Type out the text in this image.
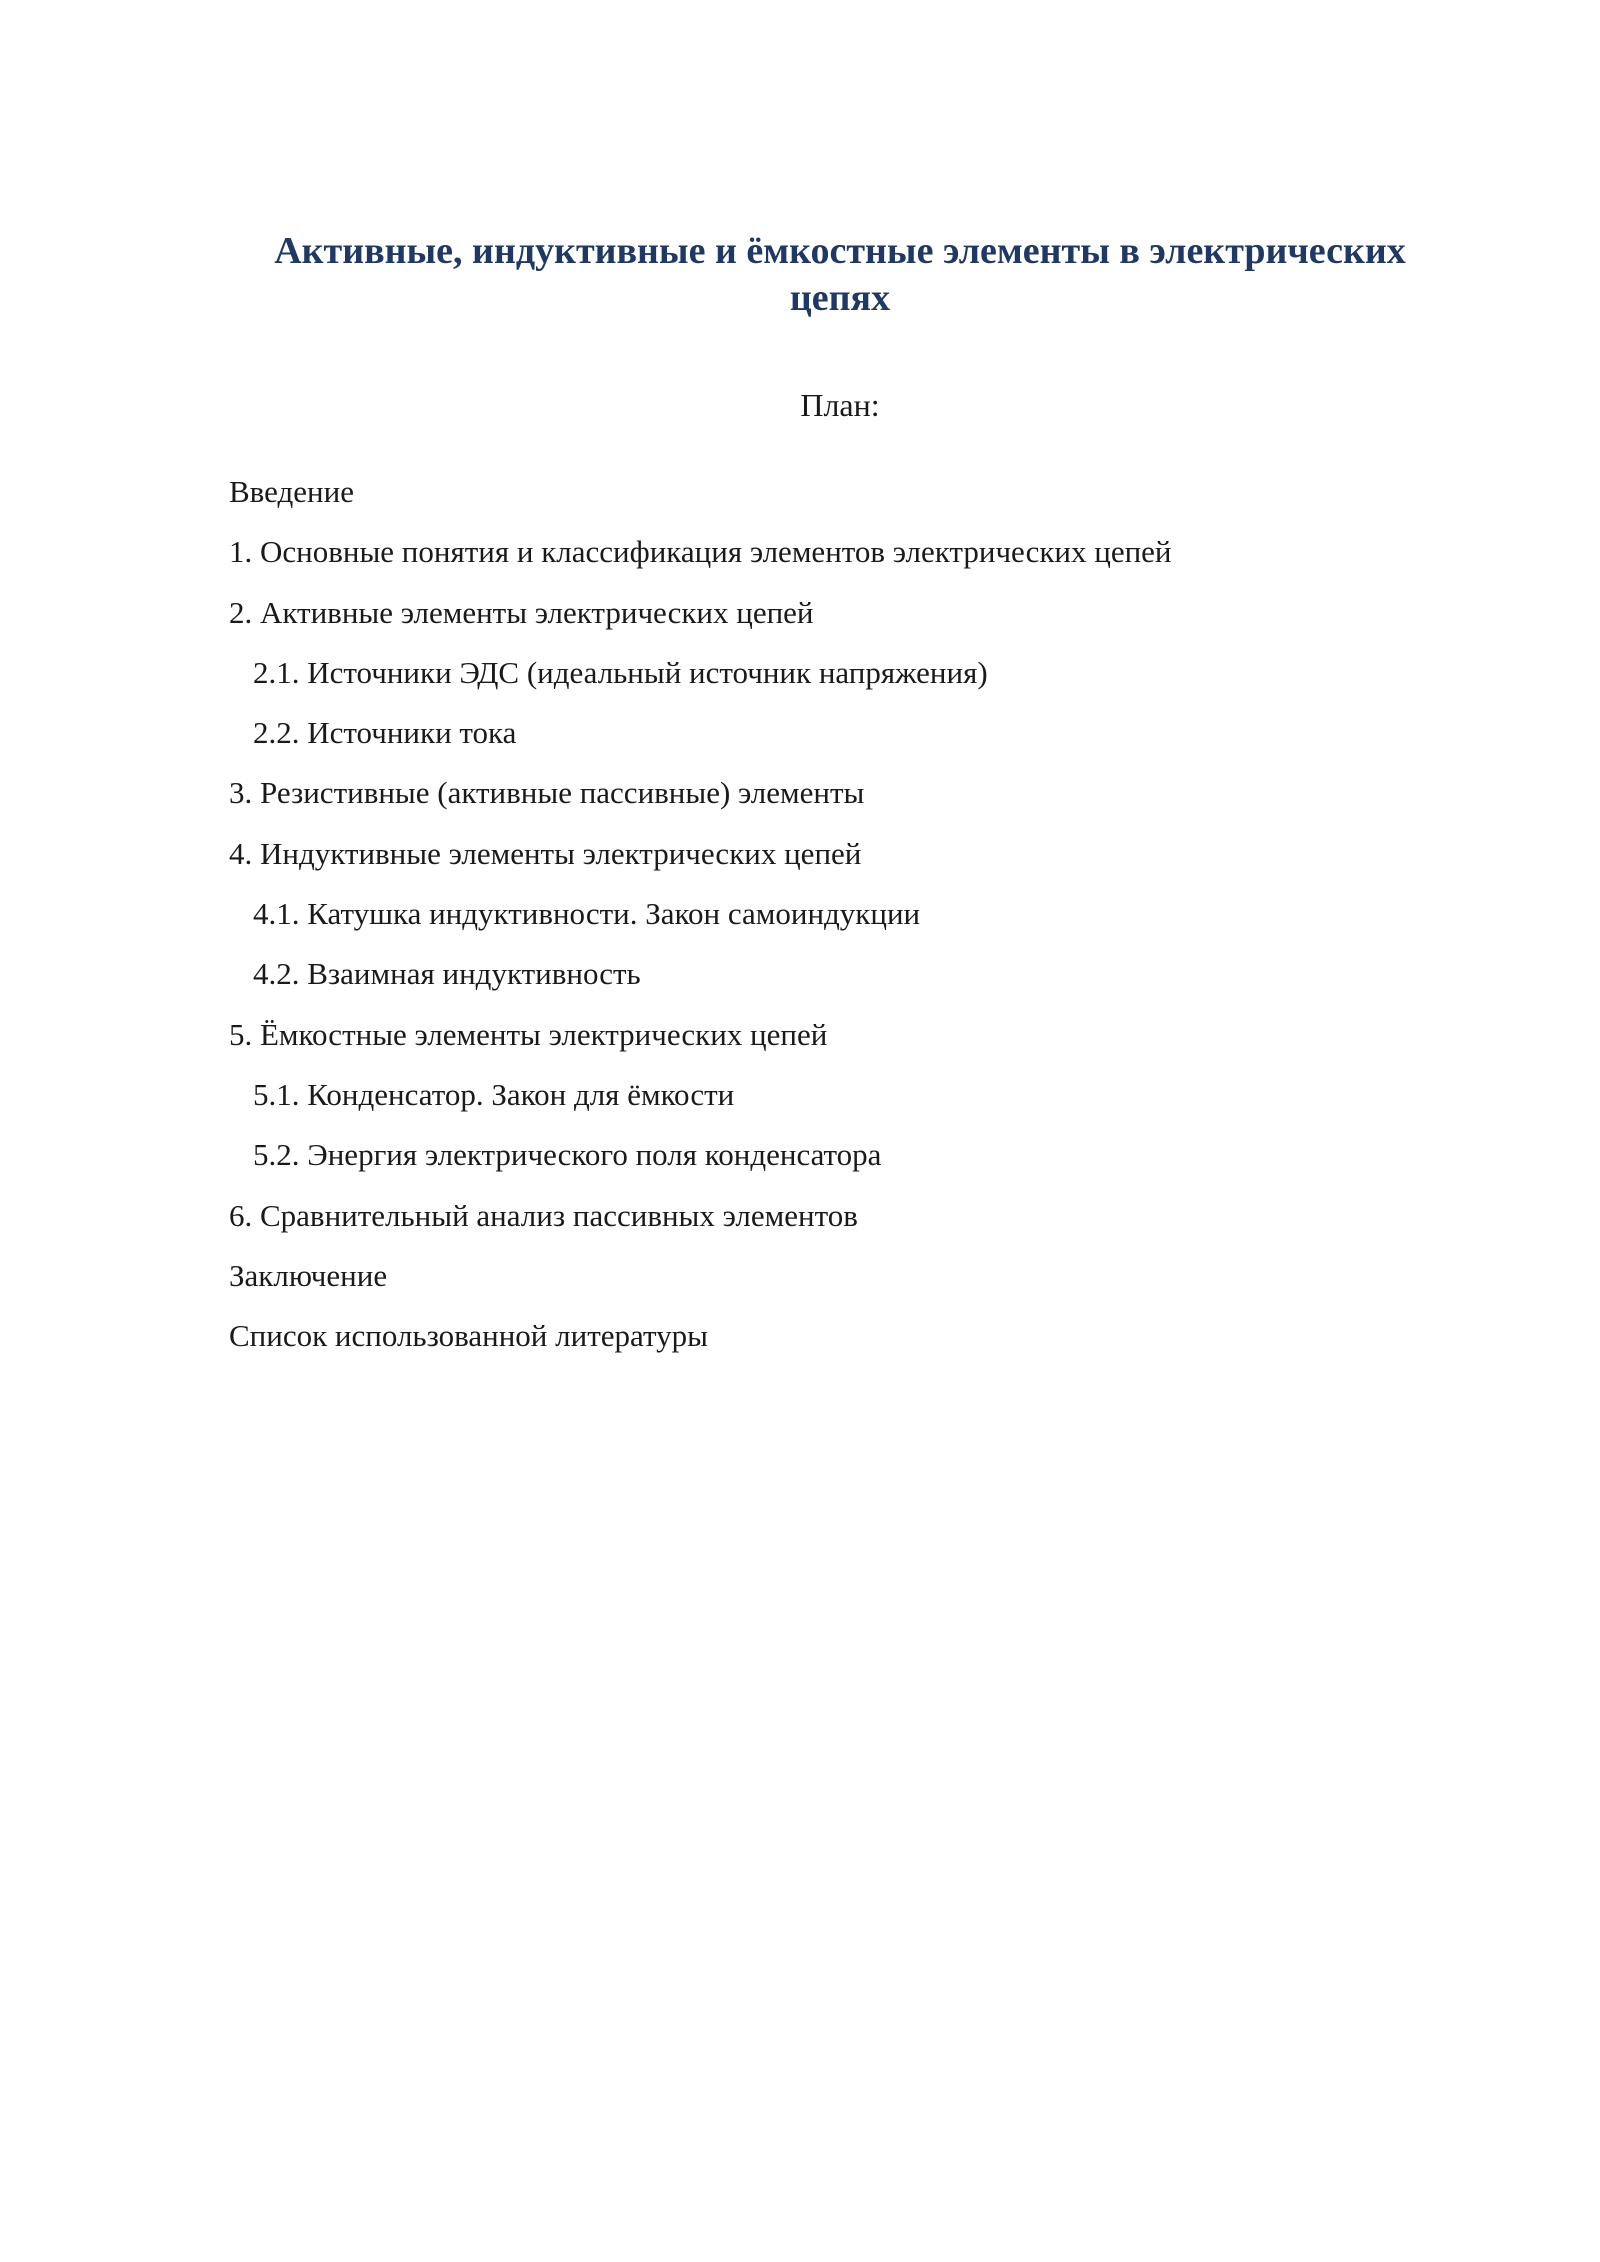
Активные, индуктивные и ёмкостные элементы в электрических цепях

План:

Введение
1. Основные понятия и классификация элементов электрических цепей
2. Активные элементы электрических цепей
2.1. Источники ЭДС (идеальный источник напряжения)
2.2. Источники тока
3. Резистивные (активные пассивные) элементы
4. Индуктивные элементы электрических цепей
4.1. Катушка индуктивности. Закон самоиндукции
4.2. Взаимная индуктивность
5. Ёмкостные элементы электрических цепей
5.1. Конденсатор. Закон для ёмкости
5.2. Энергия электрического поля конденсатора
6. Сравнительный анализ пассивных элементов
Заключение
Список использованной литературы
